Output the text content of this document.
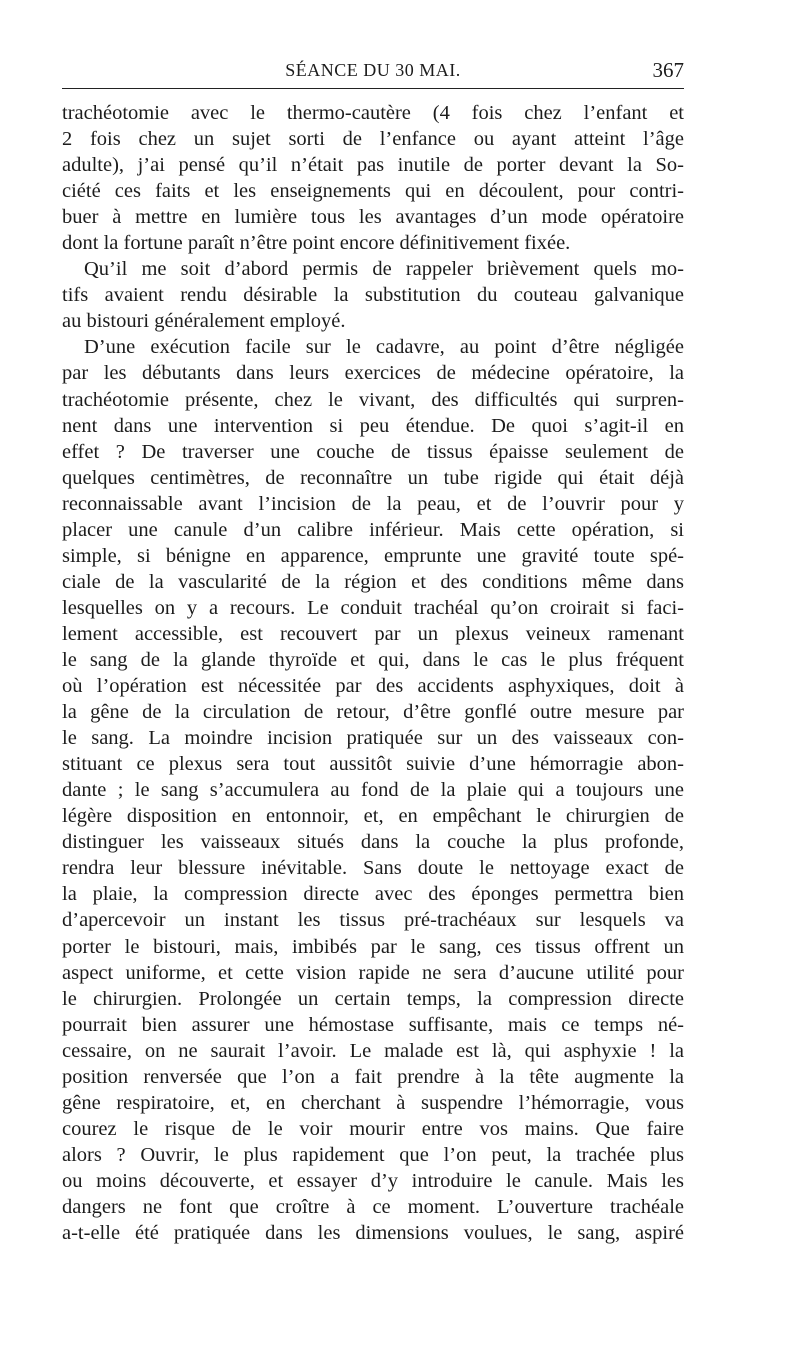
SÉANCE DU 30 MAI.	367
trachéotomie avec le thermo-cautère (4 fois chez l’enfant et
2 fois chez un sujet sorti de l’enfance ou ayant atteint l’âge
adulte), j’ai pensé qu’il n’était pas inutile de porter devant la So-
ciété ces faits et les enseignements qui en découlent, pour contri-
buer à mettre en lumière tous les avantages d’un mode opératoire
dont la fortune paraît n’être point encore définitivement fixée.
Qu’il me soit d’abord permis de rappeler brièvement quels mo-
tifs avaient rendu désirable la substitution du couteau galvanique
au bistouri généralement employé.
D’une exécution facile sur le cadavre, au point d’être négligée
par les débutants dans leurs exercices de médecine opératoire, la
trachéotomie présente, chez le vivant, des difficultés qui surpren-
nent dans une intervention si peu étendue. De quoi s’agit-il en
effet ? De traverser une couche de tissus épaisse seulement de
quelques centimètres, de reconnaître un tube rigide qui était déjà
reconnaissable avant l’incision de la peau, et de l’ouvrir pour y
placer une canule d’un calibre inférieur. Mais cette opération, si
simple, si bénigne en apparence, emprunte une gravité toute spé-
ciale de la vascularité de la région et des conditions même dans
lesquelles on y a recours. Le conduit trachéal qu’on croirait si faci-
lement accessible, est recouvert par un plexus veineux ramenant
le sang de la glande thyroïde et qui, dans le cas le plus fréquent
où l’opération est nécessitée par des accidents asphyxiques, doit à
la gêne de la circulation de retour, d’être gonflé outre mesure par
le sang. La moindre incision pratiquée sur un des vaisseaux con-
stituant ce plexus sera tout aussitôt suivie d’une hémorragie abon-
dante ; le sang s’accumulera au fond de la plaie qui a toujours une
légère disposition en entonnoir, et, en empêchant le chirurgien de
distinguer les vaisseaux situés dans la couche la plus profonde,
rendra leur blessure inévitable. Sans doute le nettoyage exact de
la plaie, la compression directe avec des éponges permettra bien
d’apercevoir un instant les tissus pré-trachéaux sur lesquels va
porter le bistouri, mais, imbibés par le sang, ces tissus offrent un
aspect uniforme, et cette vision rapide ne sera d’aucune utilité pour
le chirurgien. Prolongée un certain temps, la compression directe
pourrait bien assurer une hémostase suffisante, mais ce temps né-
cessaire, on ne saurait l’avoir. Le malade est là, qui asphyxie ! la
position renversée que l’on a fait prendre à la tête augmente la
gêne respiratoire, et, en cherchant à suspendre l’hémorragie, vous
courez le risque de le voir mourir entre vos mains. Que faire
alors ? Ouvrir, le plus rapidement que l’on peut, la trachée plus
ou moins découverte, et essayer d’y introduire le canule. Mais les
dangers ne font que croître à ce moment. L’ouverture trachéale
a-t-elle été pratiquée dans les dimensions voulues, le sang, aspiré
